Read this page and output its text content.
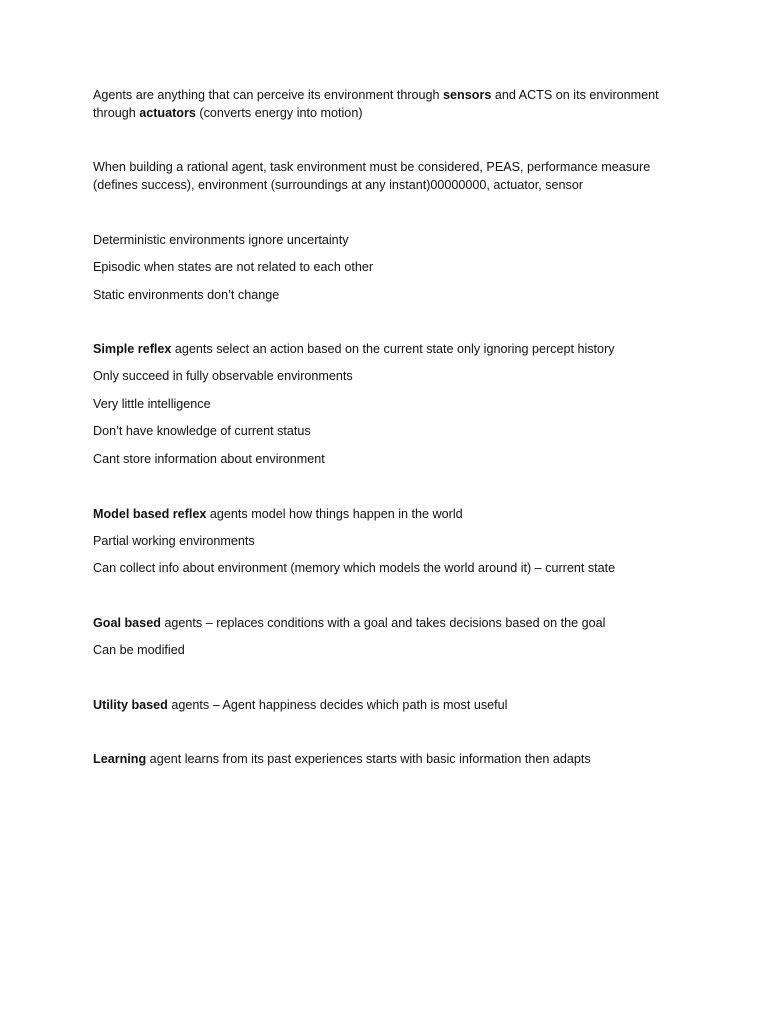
Agents are anything that can perceive its environment through sensors and ACTS on its environment through actuators (converts energy into motion)

When building a rational agent, task environment must be considered, PEAS, performance measure (defines success), environment (surroundings at any instant)00000000, actuator, sensor

Deterministic environments ignore uncertainty

Episodic when states are not related to each other

Static environments don’t change

Simple reflex agents select an action based on the current state only ignoring percept history

Only succeed in fully observable environments

Very little intelligence

Don’t have knowledge of current status

Cant store information about environment

Model based reflex agents model how things happen in the world

Partial working environments

Can collect info about environment (memory which models the world around it) – current state

Goal based agents – replaces conditions with a goal and takes decisions based on the goal

Can be modified

Utility based agents – Agent happiness decides which path is most useful

Learning agent learns from its past experiences starts with basic information then adapts
